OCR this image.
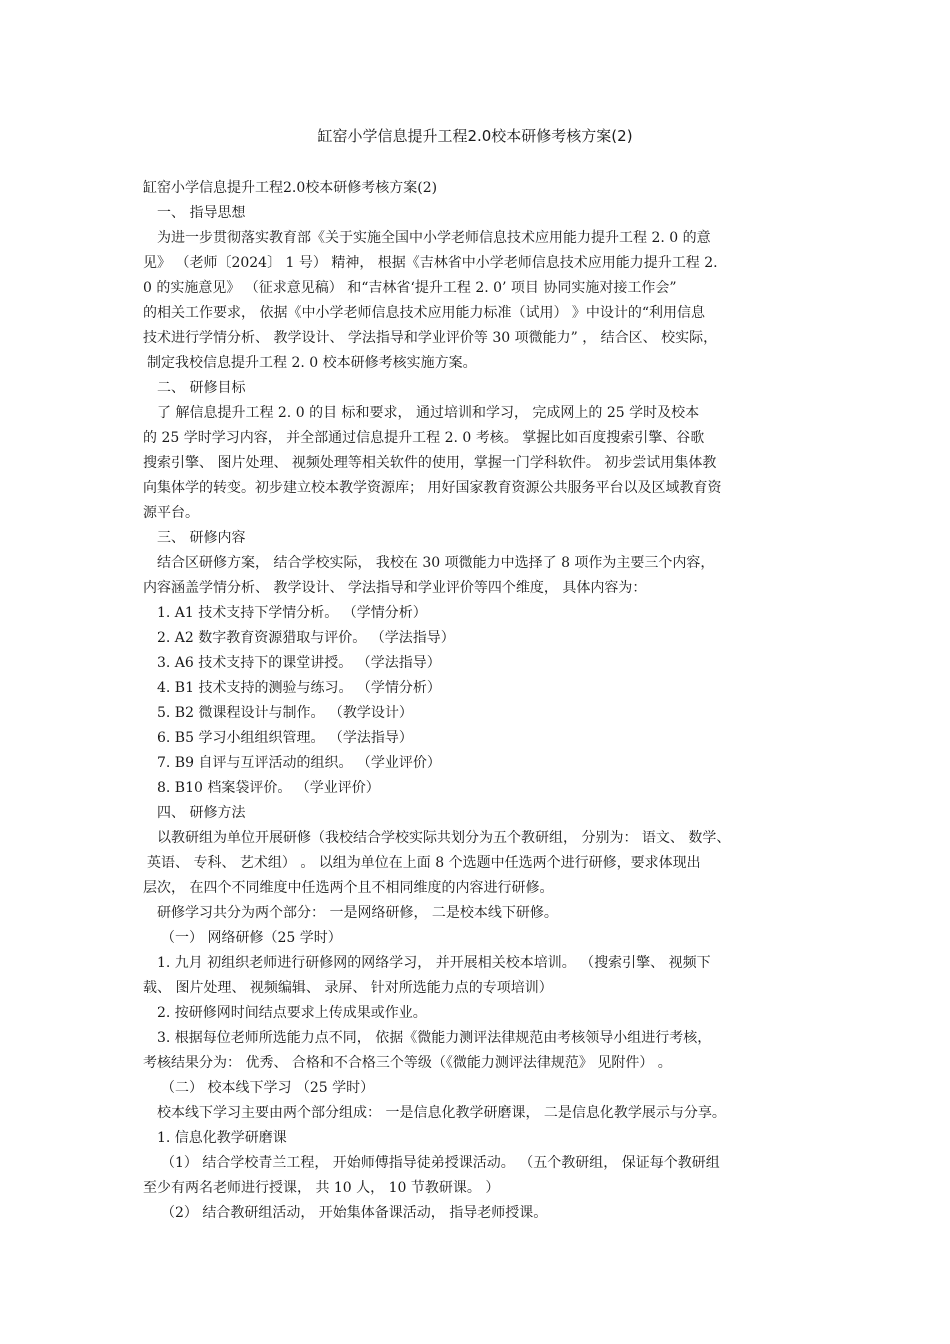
缸窑小学信息提升工程2.0校本研修考核方案(2)
缸窑小学信息提升工程2.0校本研修考核方案(2)
一、 指导思想
为进一步贯彻落实教育部《关于实施全国中小学老师信息技术应用能力提升工程 2. 0 的意
见》 （老师〔2024〕 1 号） 精神， 根据《吉林省中小学老师信息技术应用能力提升工程 2.
0 的实施意见》 （征求意见稿） 和“吉林省‘提升工程 2. 0’ 项目 协同实施对接工作会”
的相关工作要求， 依据《中小学老师信息技术应用能力标准（试用） 》中设计的“利用信息
技术进行学情分析、 教学设计、 学法指导和学业评价等 30 项微能力” ， 结合区、 校实际，
制定我校信息提升工程 2. 0 校本研修考核实施方案。
二、 研修目标
了 解信息提升工程 2. 0 的目 标和要求， 通过培训和学习， 完成网上的 25 学时及校本
的 25 学时学习内容， 并全部通过信息提升工程 2. 0 考核。 掌握比如百度搜索引擎、谷歌
搜索引擎、 图片处理、 视频处理等相关软件的使用，掌握一门学科软件。 初步尝试用集体教
向集体学的转变。初步建立校本教学资源库； 用好国家教育资源公共服务平台以及区域教育资
源平台。
三、 研修内容
结合区研修方案， 结合学校实际， 我校在 30 项微能力中选择了 8 项作为主要三个内容，
内容涵盖学情分析、 教学设计、 学法指导和学业评价等四个维度， 具体内容为：
1. A1 技术支持下学情分析。 （学情分析）
2. A2 数字教育资源猎取与评价。 （学法指导）
3. A6 技术支持下的课堂讲授。 （学法指导）
4. B1 技术支持的测验与练习。 （学情分析）
5. B2 微课程设计与制作。 （教学设计）
6. B5 学习小组组织管理。 （学法指导）
7. B9 自评与互评活动的组织。 （学业评价）
8. B10 档案袋评价。 （学业评价）
四、 研修方法
以教研组为单位开展研修（我校结合学校实际共划分为五个教研组， 分别为： 语文、 数学、
英语、 专科、 艺术组） 。 以组为单位在上面 8 个选题中任选两个进行研修，要求体现出
层次， 在四个不同维度中任选两个且不相同维度的内容进行研修。
研修学习共分为两个部分： 一是网络研修， 二是校本线下研修。
（一） 网络研修（25 学时）
1. 九月 初组织老师进行研修网的网络学习， 并开展相关校本培训。 （搜索引擎、 视频下
载、 图片处理、 视频编辑、 录屏、 针对所选能力点的专项培训）
2. 按研修网时间结点要求上传成果或作业。
3. 根据每位老师所选能力点不同， 依据《微能力测评法律规范由考核领导小组进行考核，
考核结果分为： 优秀、 合格和不合格三个等级（《微能力测评法律规范》 见附件） 。
（二） 校本线下学习 （25 学时）
校本线下学习主要由两个部分组成： 一是信息化教学研磨课， 二是信息化教学展示与分享。
1. 信息化教学研磨课
（1） 结合学校青兰工程， 开始师傅指导徒弟授课活动。 （五个教研组， 保证每个教研组
至少有两名老师进行授课， 共 10 人， 10 节教研课。 ）
（2） 结合教研组活动， 开始集体备课活动， 指导老师授课。
